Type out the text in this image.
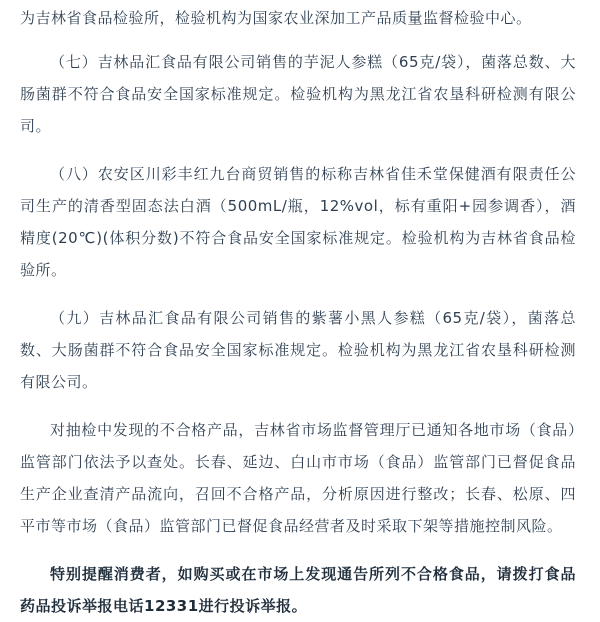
为吉林省食品检验所，检验机构为国家农业深加工产品质量监督检验中心。

（七）吉林品汇食品有限公司销售的芋泥人参糕（65克/袋），菌落总数、大肠菌群不符合食品安全国家标准规定。检验机构为黑龙江省农垦科研检测有限公司。

（八）农安区川彩丰红九台商贸销售的标称吉林省佳禾堂保健酒有限责任公司生产的清香型固态法白酒（500mL/瓶，12%vol，标有重阳+园参调香），酒精度(20℃)(体积分数)不符合食品安全国家标准规定。检验机构为吉林省食品检验所。

（九）吉林品汇食品有限公司销售的紫薯小黑人参糕（65克/袋），菌落总数、大肠菌群不符合食品安全国家标准规定。检验机构为黑龙江省农垦科研检测有限公司。

对抽检中发现的不合格产品，吉林省市场监督管理厅已通知各地市场（食品）监管部门依法予以查处。长春、延边、白山市市场（食品）监管部门已督促食品生产企业查清产品流向，召回不合格产品，分析原因进行整改；长春、松原、四平市等市场（食品）监管部门已督促食品经营者及时采取下架等措施控制风险。

特别提醒消费者，如购买或在市场上发现通告所列不合格食品，请拨打食品药品投诉举报电话12331进行投诉举报。
